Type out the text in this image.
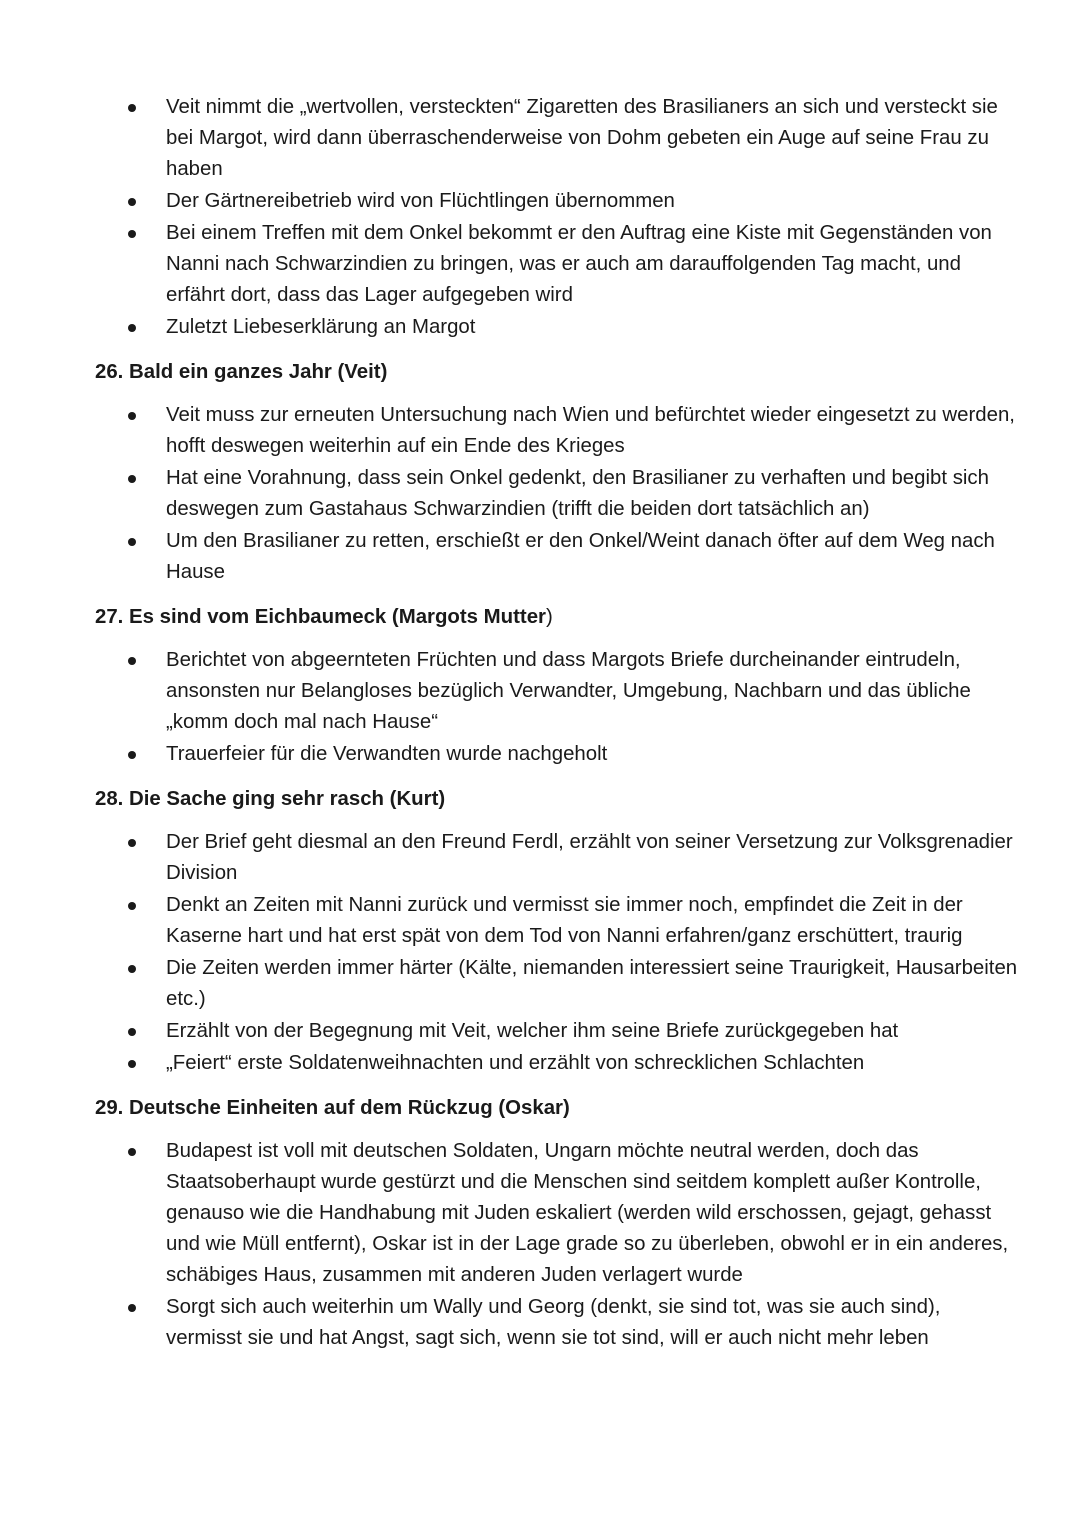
Veit nimmt die „wertvollen, versteckten“ Zigaretten des Brasilianers an sich und versteckt sie bei Margot, wird dann überraschenderweise von Dohm gebeten ein Auge auf seine Frau zu haben
Der Gärtnereibetrieb wird von Flüchtlingen übernommen
Bei einem Treffen mit dem Onkel bekommt er den Auftrag eine Kiste mit Gegenständen von Nanni nach Schwarzindien zu bringen, was er auch am darauffolgenden Tag macht, und erfährt dort, dass das Lager aufgegeben wird
Zuletzt Liebeserklärung an Margot
26. Bald ein ganzes Jahr (Veit)
Veit muss zur erneuten Untersuchung nach Wien und befürchtet wieder eingesetzt zu werden, hofft deswegen weiterhin auf ein Ende des Krieges
Hat eine Vorahnung, dass sein Onkel gedenkt, den Brasilianer zu verhaften und begibt sich deswegen zum Gastahaus Schwarzindien (trifft die beiden dort tatsächlich an)
Um den Brasilianer zu retten, erschießt er den Onkel/Weint danach öfter auf dem Weg nach Hause
27. Es sind vom Eichbaumeck (Margots Mutter)
Berichtet von abgeernteten Früchten und dass Margots Briefe durcheinander eintrudeln, ansonsten nur Belangloses bezüglich Verwandter, Umgebung, Nachbarn und das übliche „komm doch mal nach Hause“
Trauerfeier für die Verwandten wurde nachgeholt
28. Die Sache ging sehr rasch (Kurt)
Der Brief geht diesmal an den Freund Ferdl, erzählt von seiner Versetzung zur Volksgrenadier Division
Denkt an Zeiten mit Nanni zurück und vermisst sie immer noch, empfindet die Zeit in der Kaserne hart und hat erst spät von dem Tod von Nanni erfahren/ganz erschüttert, traurig
Die Zeiten werden immer härter (Kälte, niemanden interessiert seine Traurigkeit, Hausarbeiten etc.)
Erzählt von der Begegnung mit Veit, welcher ihm seine Briefe zurückgegeben hat
„Feiert“ erste Soldatenweihnachten und erzählt von schrecklichen Schlachten
29. Deutsche Einheiten auf dem Rückzug (Oskar)
Budapest ist voll mit deutschen Soldaten, Ungarn möchte neutral werden, doch das Staatsoberhaupt wurde gestürzt und die Menschen sind seitdem komplett außer Kontrolle, genauso wie die Handhabung mit Juden eskaliert (werden wild erschossen, gejagt, gehasst und wie Müll entfernt), Oskar ist in der Lage grade so zu überleben, obwohl er in ein anderes, schäbiges Haus, zusammen mit anderen Juden verlagert wurde
Sorgt sich auch weiterhin um Wally und Georg (denkt, sie sind tot, was sie auch sind), vermisst sie und hat Angst, sagt sich, wenn sie tot sind, will er auch nicht mehr leben
